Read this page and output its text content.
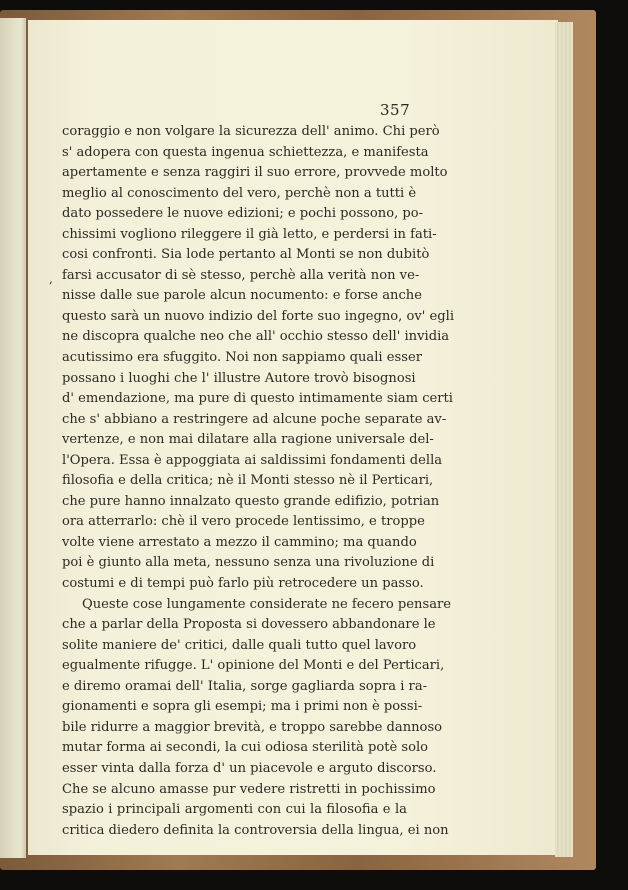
357
,
coraggio e non volgare la sicurezza dell' animo. Chi però
s' adopera con questa ingenua schiettezza, e manifesta
apertamente e senza raggiri il suo errore, provvede molto
meglio al conoscimento del vero, perchè non a tutti è
dato possedere le nuove edizioni; e pochi possono, po-
chissimi vogliono rileggere il già letto, e perdersi in fati-
cosi confronti. Sia lode pertanto al Monti se non dubitò
farsi accusator di sè stesso, perchè alla verità non ve-
nisse dalle sue parole alcun nocumento: e forse anche
questo sarà un nuovo indizio del forte suo ingegno, ov' egli
ne discopra qualche neo che all' occhio stesso dell' invidia
acutissimo era sfuggito. Noi non sappiamo quali esser
possano i luoghi che l' illustre Autore trovò bisognosi
d' emendazione, ma pure di questo intimamente siam certi
che s' abbiano a restringere ad alcune poche separate av-
vertenze, e non mai dilatare alla ragione universale del-
l'Opera. Essa è appoggiata ai saldissimi fondamenti della
filosofia e della critica; nè il Monti stesso nè il Perticari,
che pure hanno innalzato questo grande edifizio, potrian
ora atterrarlo: chè il vero procede lentissimo, e troppe
volte viene arrestato a mezzo il cammino; ma quando
poi è giunto alla meta, nessuno senza una rivoluzione di
costumi e di tempi può farlo più retrocedere un passo.
Queste cose lungamente considerate ne fecero pensare
che a parlar della Proposta si dovessero abbandonare le
solite maniere de' critici, dalle quali tutto quel lavoro
egualmente rifugge. L' opinione del Monti e del Perticari,
e diremo oramai dell' Italia, sorge gagliarda sopra i ra-
gionamenti e sopra gli esempi; ma i primi non è possi-
bile ridurre a maggior brevità, e troppo sarebbe dannoso
mutar forma ai secondi, la cui odiosa sterilità potè solo
esser vinta dalla forza d' un piacevole e arguto discorso.
Che se alcuno amasse pur vedere ristretti in pochissimo
spazio i principali argomenti con cui la filosofia e la
critica diedero definita la controversia della lingua, ei non
